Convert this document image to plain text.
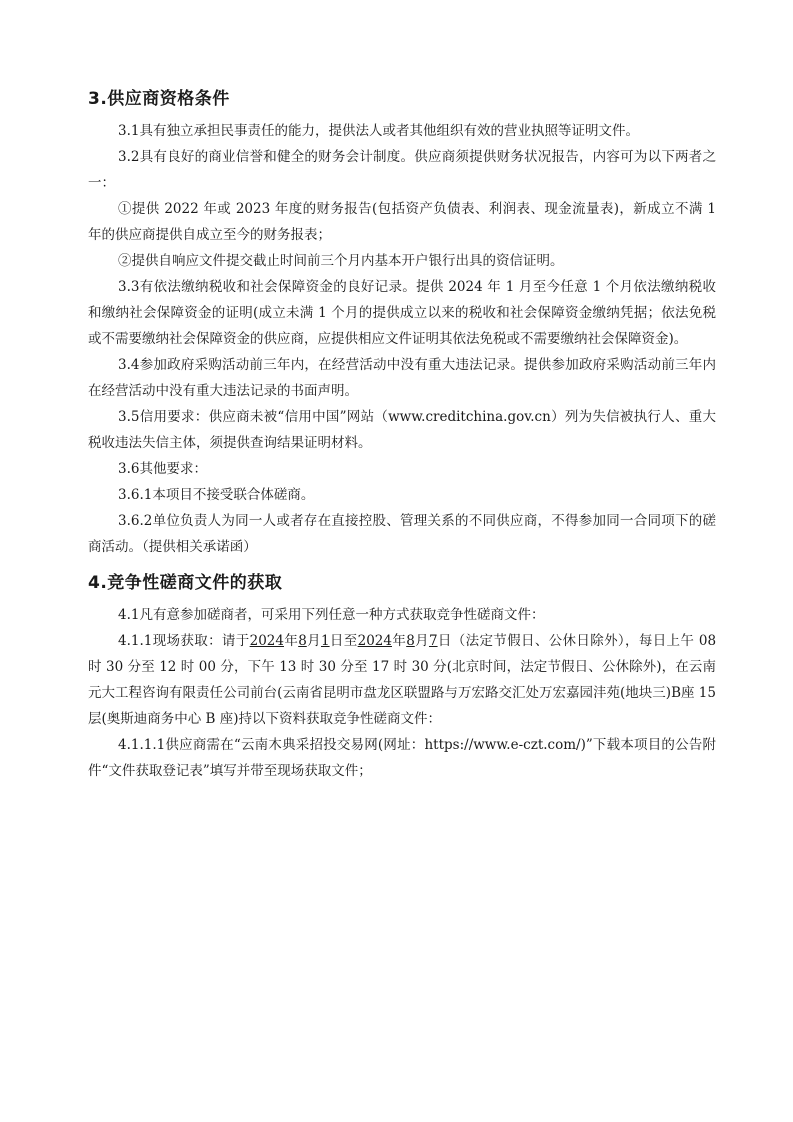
3.供应商资格条件

3.1具有独立承担民事责任的能力，提供法人或者其他组织有效的营业执照等证明文件。

3.2具有良好的商业信誉和健全的财务会计制度。供应商须提供财务状况报告，内容可为以下两者之一：

①提供 2022 年或 2023 年度的财务报告(包括资产负债表、利润表、现金流量表)，新成立不满 1 年的供应商提供自成立至今的财务报表；

②提供自响应文件提交截止时间前三个月内基本开户银行出具的资信证明。

3.3有依法缴纳税收和社会保障资金的良好记录。提供 2024 年 1 月至今任意 1 个月依法缴纳税收和缴纳社会保障资金的证明(成立未满 1 个月的提供成立以来的税收和社会保障资金缴纳凭据；依法免税或不需要缴纳社会保障资金的供应商，应提供相应文件证明其依法免税或不需要缴纳社会保障资金)。

3.4参加政府采购活动前三年内，在经营活动中没有重大违法记录。提供参加政府采购活动前三年内在经营活动中没有重大违法记录的书面声明。

3.5信用要求：供应商未被“信用中国”网站（www.creditchina.gov.cn）列为失信被执行人、重大税收违法失信主体，须提供查询结果证明材料。

3.6其他要求：

3.6.1本项目不接受联合体磋商。

3.6.2单位负责人为同一人或者存在直接控股、管理关系的不同供应商，不得参加同一合同项下的磋商活动。（提供相关承诺函）

4.竞争性磋商文件的获取

4.1凡有意参加磋商者，可采用下列任意一种方式获取竞争性磋商文件：

4.1.1现场获取：请于2024年8月1日至2024年8月7日（法定节假日、公休日除外），每日上午 08 时 30 分至 12 时 00 分，下午 13 时 30 分至 17 时 30 分(北京时间，法定节假日、公休除外)，在云南元大工程咨询有限责任公司前台(云南省昆明市盘龙区联盟路与万宏路交汇处万宏嘉园沣苑(地块三)B座 15 层(奥斯迪商务中心 B 座)持以下资料获取竞争性磋商文件：

4.1.1.1供应商需在“云南木典采招投交易网(网址：https://www.e-czt.com/)”下载本项目的公告附件“文件获取登记表”填写并带至现场获取文件；
